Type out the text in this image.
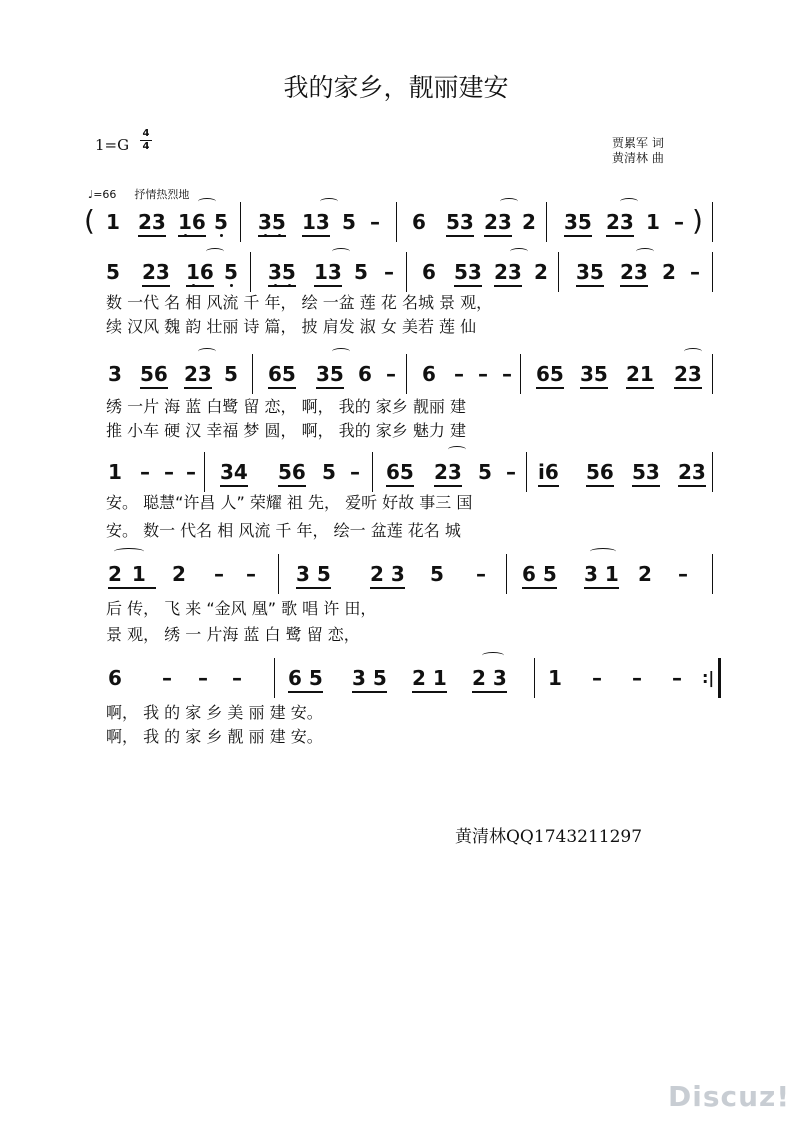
我的家乡，靓丽建安
1=G
4
4	贾累军 词
黄清林 曲
♩=66 抒情热烈地
( 1 23 16 5 35 13 5 – 6 53 23 2 35 23 1 – )
5 23 16 5 35 13 5 – 6 53 23 2 35 23 2 –
数 一代 名 相 风流 千 年， 绘 一盆 莲 花 名城 景 观，
续 汉风 魏 韵 壮丽 诗 篇， 披 肩发 淑 女 美若 莲 仙
3 56 23 5 65 35 6 – 6 – – – 65 35 21 23
绣 一片 海 蓝 白鹭 留 恋， 啊， 我的 家乡 靓丽 建
推 小车 硬 汉 幸福 梦 圆， 啊， 我的 家乡 魅力 建
1 – – – 34 56 5 – 65 23 5 – i6 56 53 23
安。 聪慧“许昌 人” 荣耀 祖 先， 爱听 好故 事三 国
安。 数一 代名 相 风流 千 年， 绘一 盆莲 花名 城
21 2 – – 3 5 2 3 5 – 6 5 3 1 2 –
后 传， 飞 来 “金风 凰” 歌 唱 许 田，
景 观， 绣 一 片海 蓝 白 鹭 留 恋，
6 – – – 6 5 3 5 2 1 2 3 1 – – – :|
啊， 我 的 家 乡 美 丽 建 安。
啊， 我 的 家 乡 靓 丽 建 安。
黄清林QQ1743211297
Discuz!
